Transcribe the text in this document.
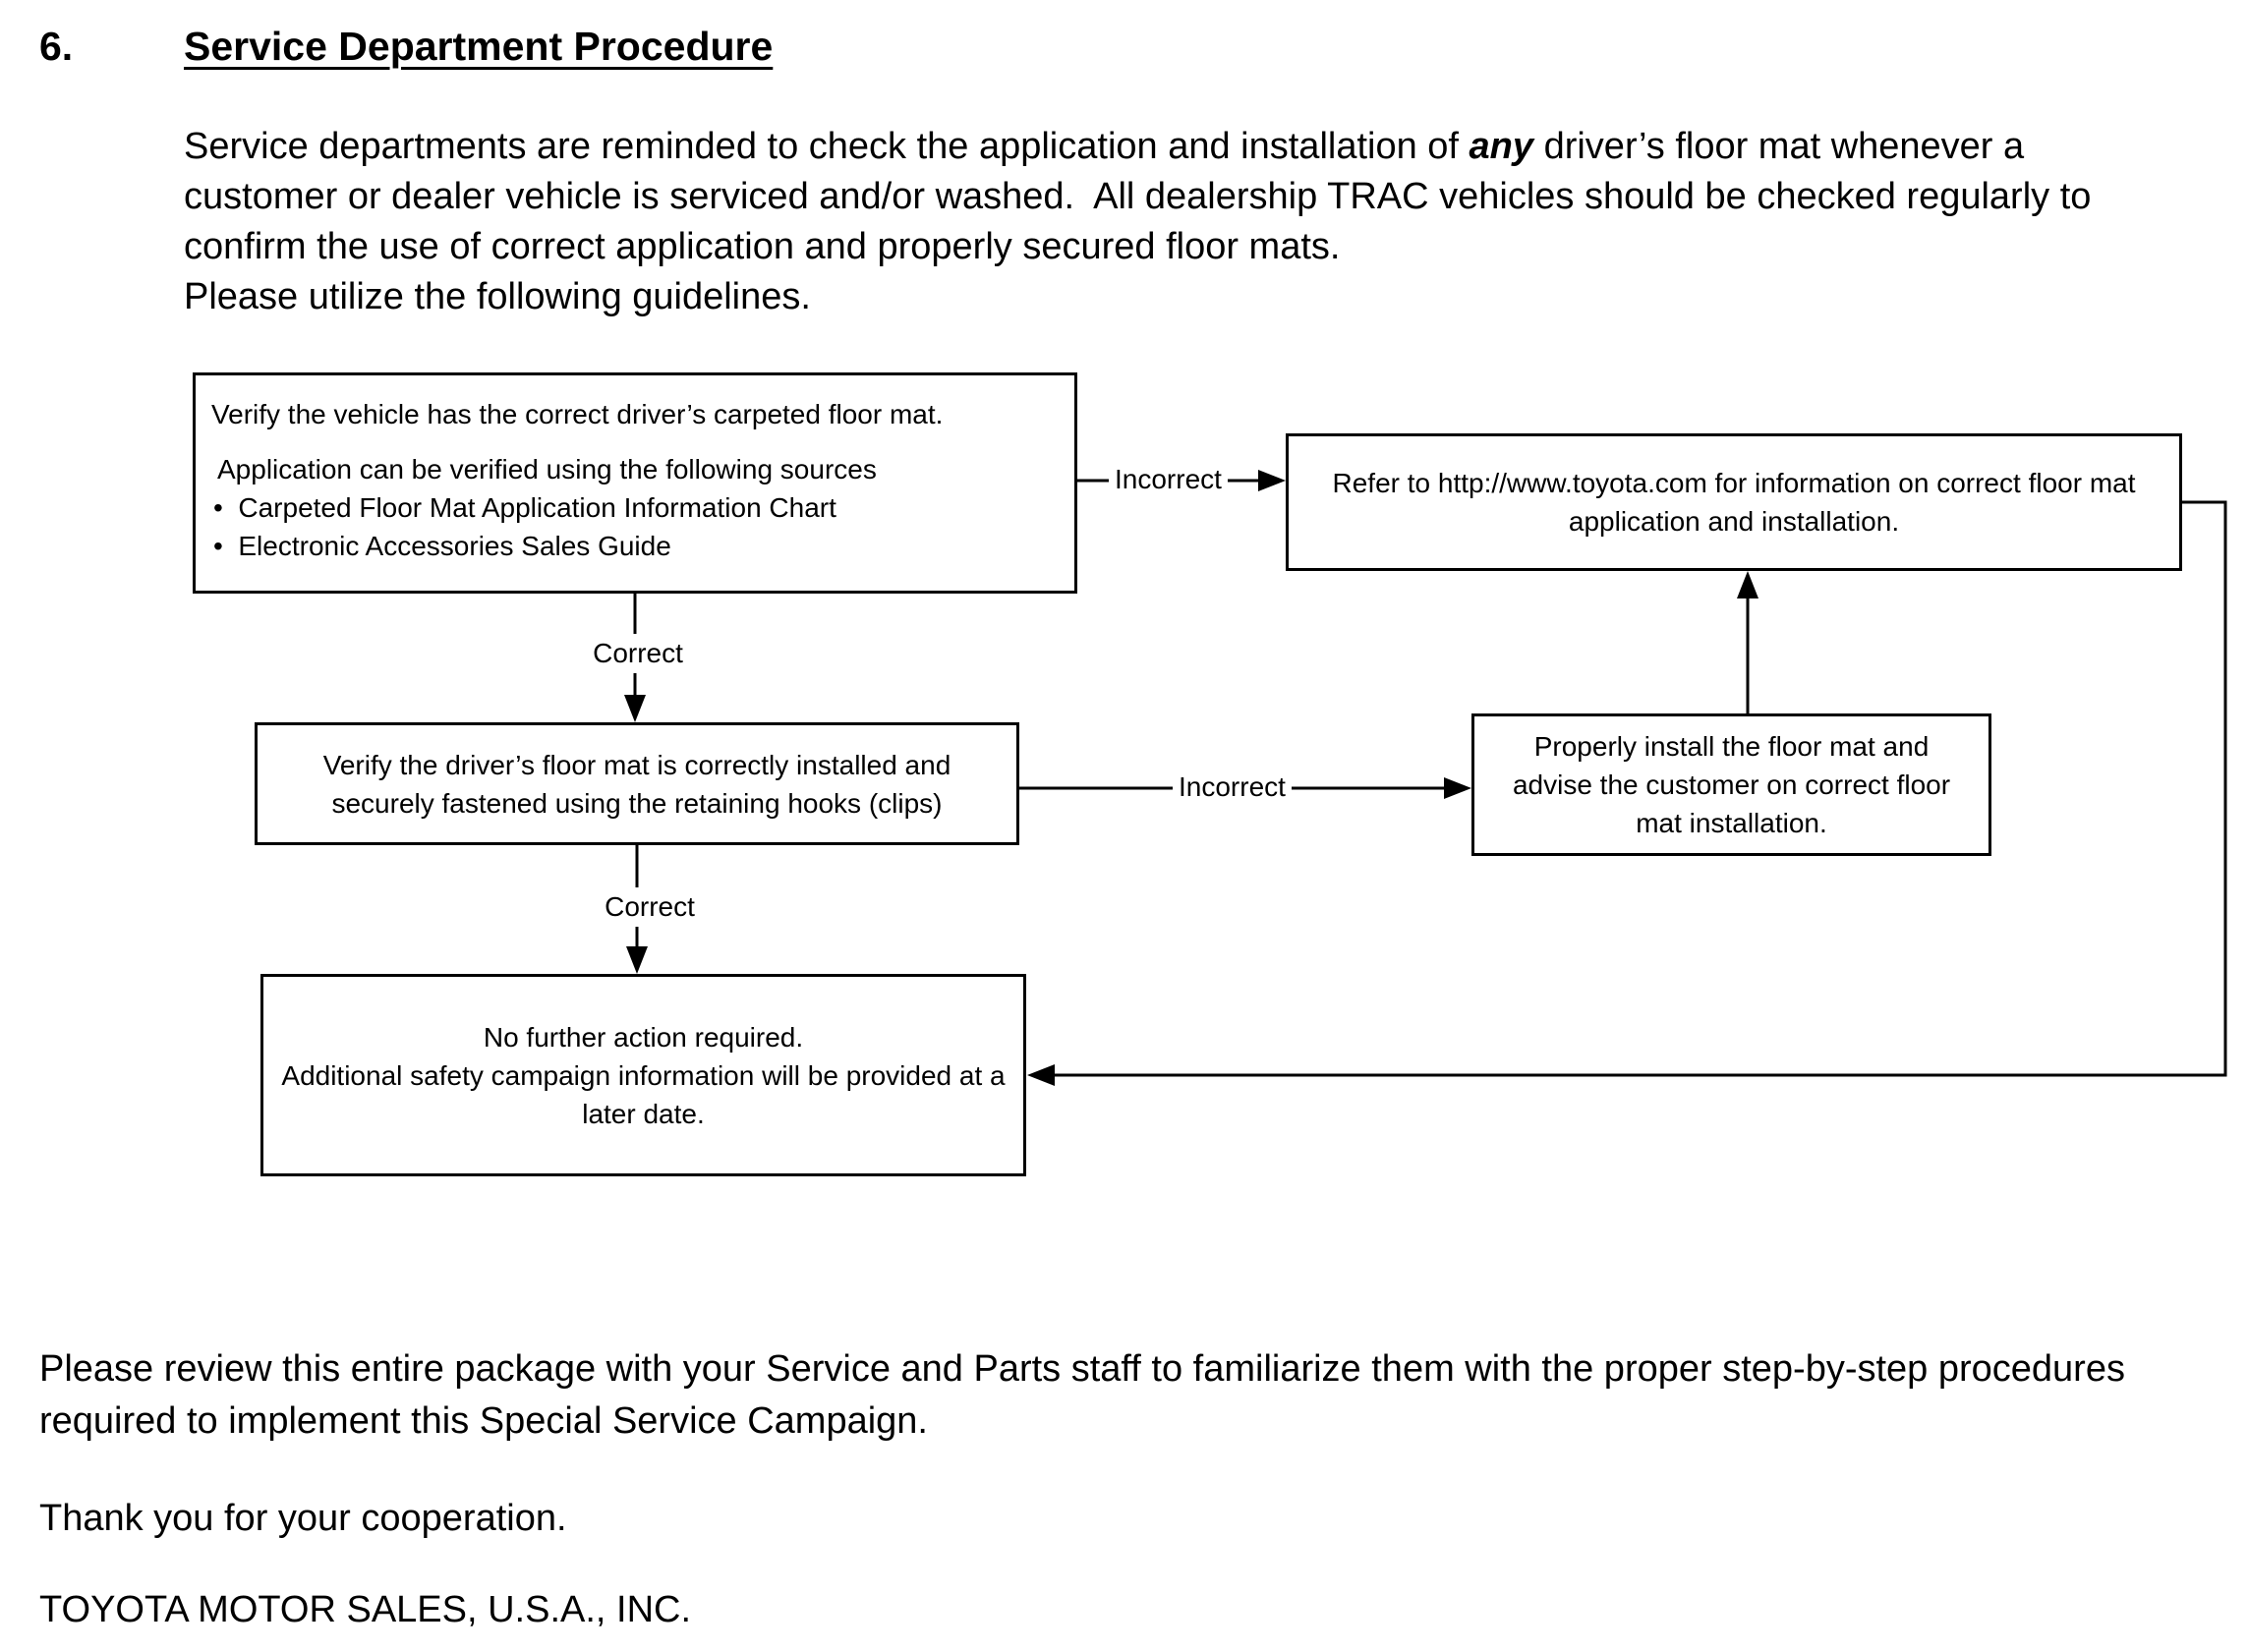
6.	Service Department Procedure
Service departments are reminded to check the application and installation of any driver’s floor mat whenever a customer or dealer vehicle is serviced and/or washed.  All dealership TRAC vehicles should be checked regularly to confirm the use of correct application and properly secured floor mats.
Please utilize the following guidelines.
Verify the vehicle has the correct driver’s carpeted floor mat.
Application can be verified using the following sources
•  Carpeted Floor Mat Application Information Chart
•  Electronic Accessories Sales Guide
Refer to http://www.toyota.com for information on correct floor mat application and installation.
Verify the driver’s floor mat is correctly installed and securely fastened using the retaining hooks (clips)
Properly install the floor mat and advise the customer on correct floor mat installation.
No further action required.
Additional safety campaign information will be provided at a later date.
Correct
Incorrect
Correct
Incorrect
Please review this entire package with your Service and Parts staff to familiarize them with the proper step-by-step procedures required to implement this Special Service Campaign.
Thank you for your cooperation.
TOYOTA MOTOR SALES, U.S.A., INC.
